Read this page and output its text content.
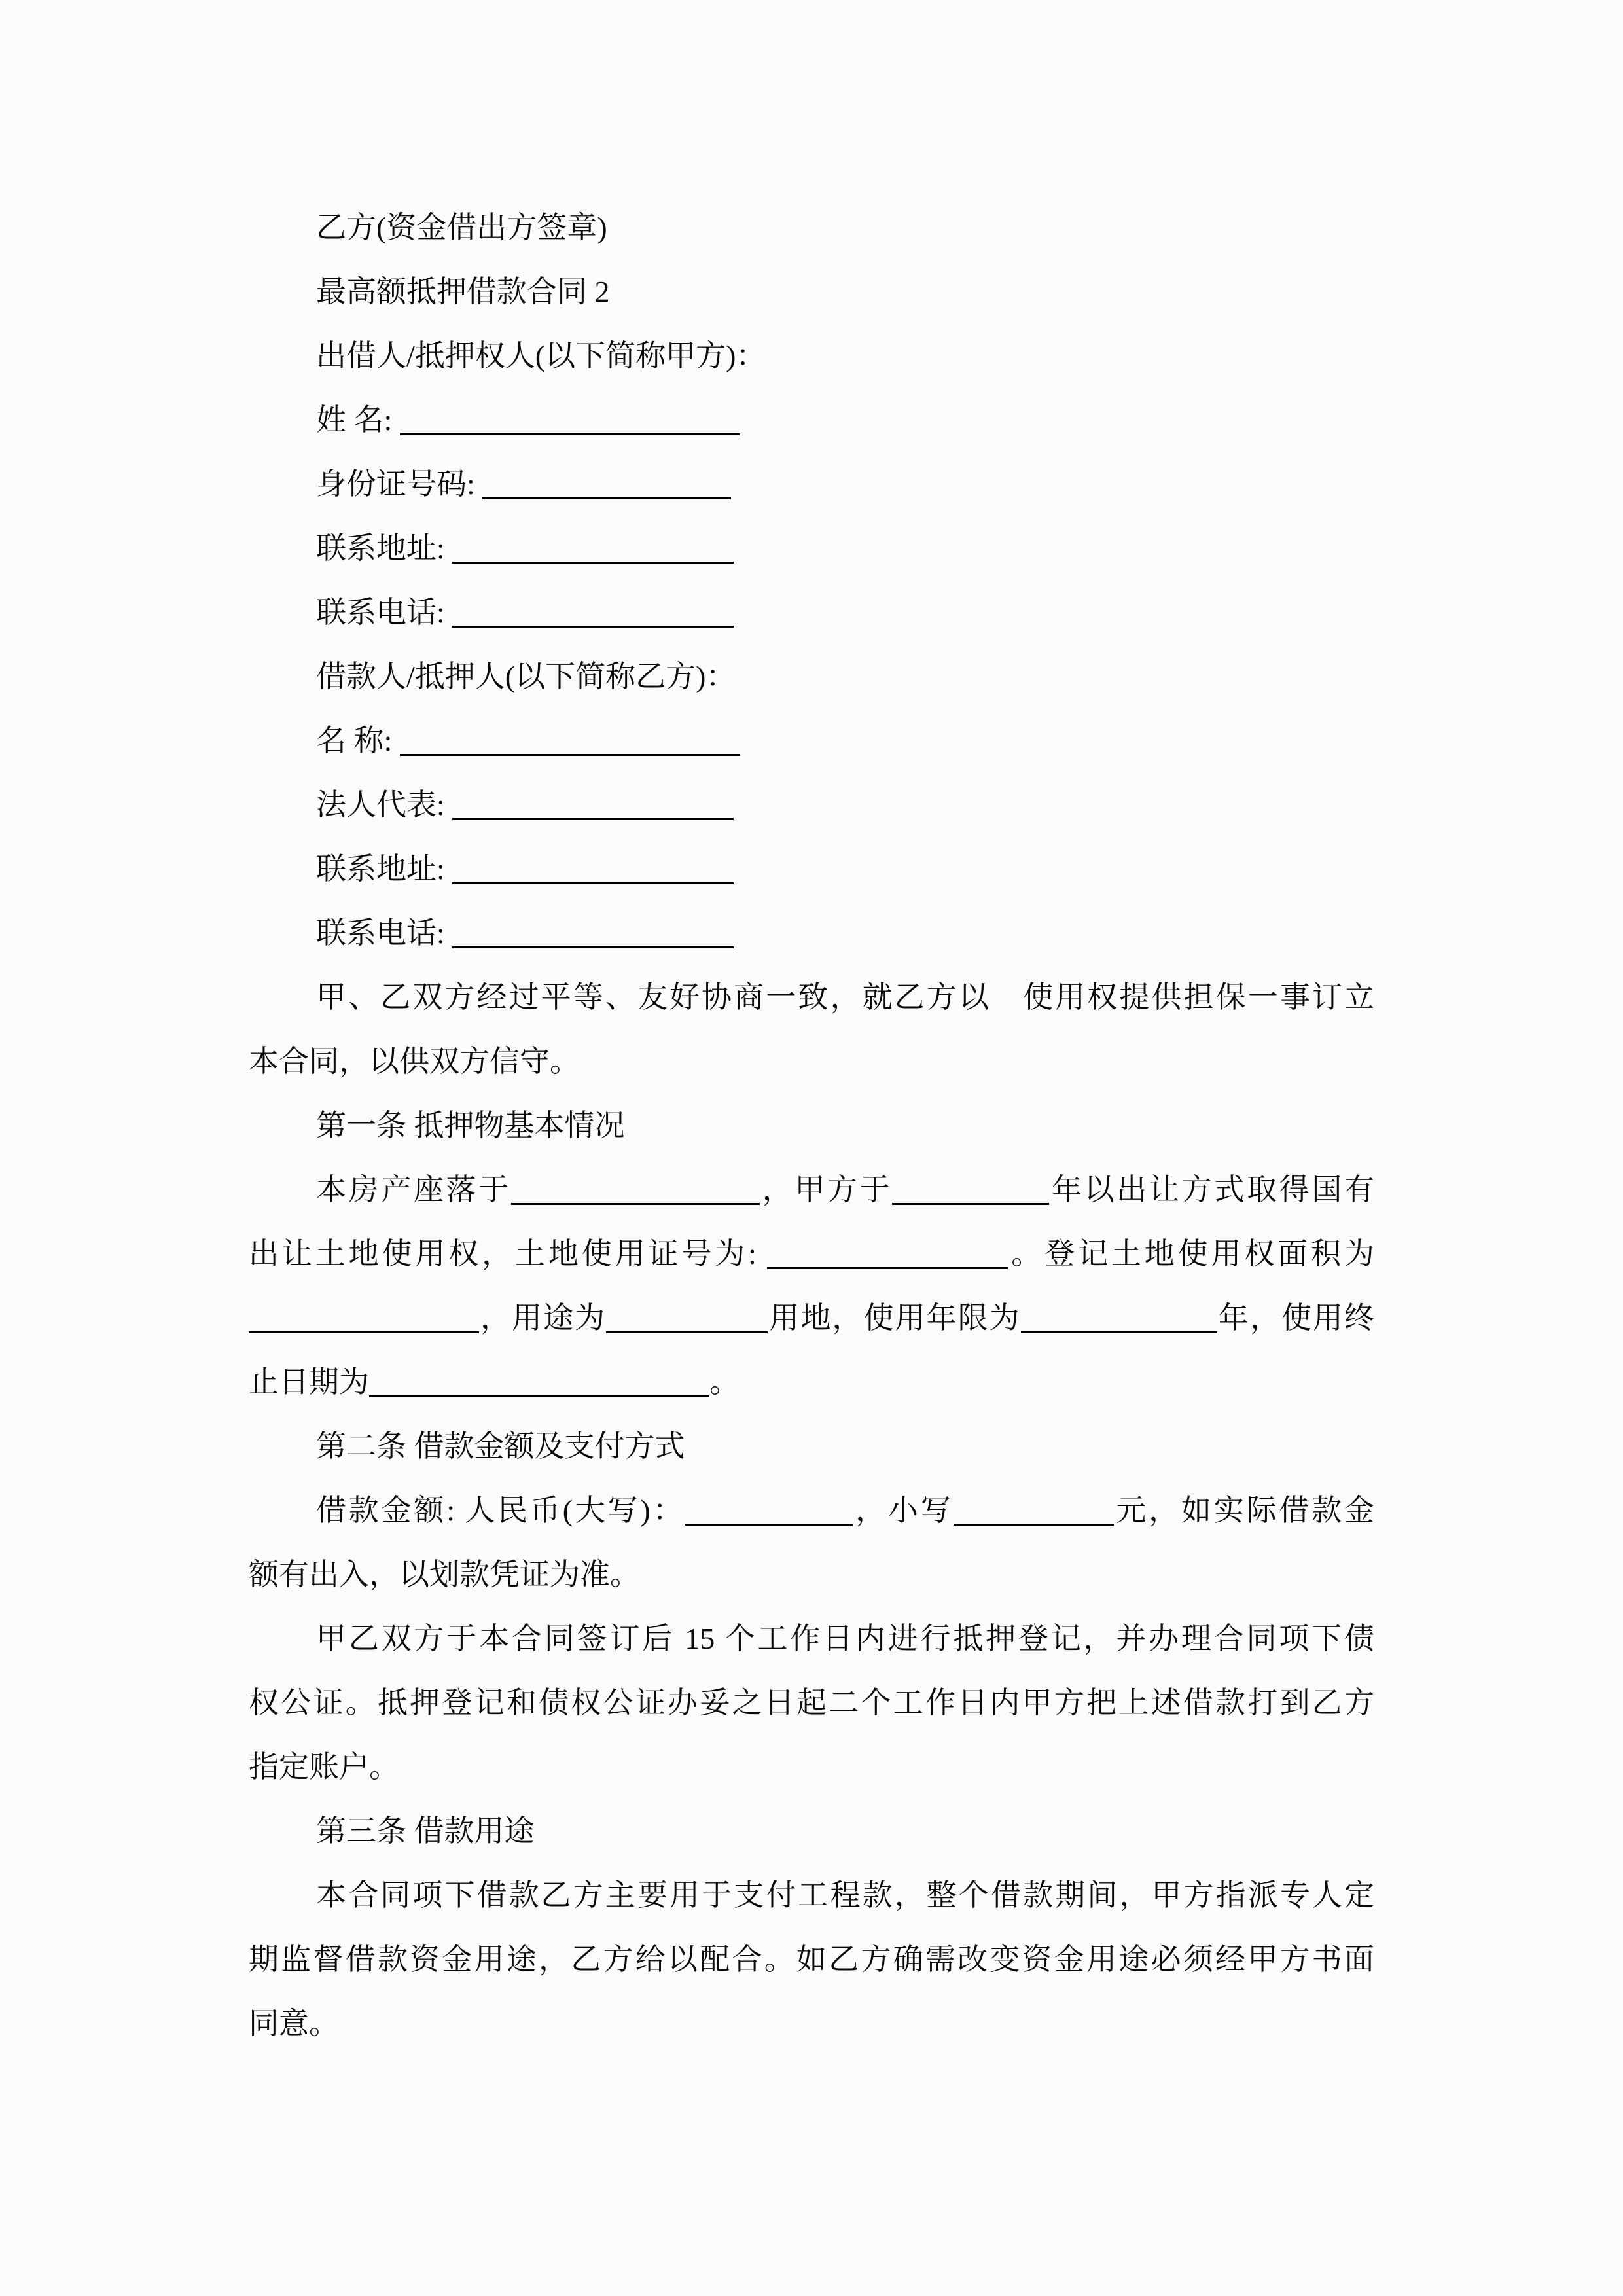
乙方(资金借出方签章)
最高额抵押借款合同 2
出借人/抵押权人(以下简称甲方)：
姓 名:
身份证号码:
联系地址:
联系电话:
借款人/抵押人(以下简称乙方)：
名 称:
法人代表:
联系地址:
联系电话:
甲、乙双方经过平等、友好协商一致，就乙方以　使用权提供担保一事订立
本合同，以供双方信守。
第一条 抵押物基本情况
本房产座落于	，甲方于	年以出让方式取得国有
出让土地使用权，土地使用证号为:	。登记土地使用权面积为
，用途为	用地，使用年限为	年，使用终
止日期为	。
第二条 借款金额及支付方式
借款金额: 人民币(大写)：	，小写	元，如实际借款金
额有出入，以划款凭证为准。
甲乙双方于本合同签订后 15 个工作日内进行抵押登记，并办理合同项下债
权公证。抵押登记和债权公证办妥之日起二个工作日内甲方把上述借款打到乙方
指定账户。
第三条 借款用途
本合同项下借款乙方主要用于支付工程款，整个借款期间，甲方指派专人定
期监督借款资金用途，乙方给以配合。如乙方确需改变资金用途必须经甲方书面
同意。
